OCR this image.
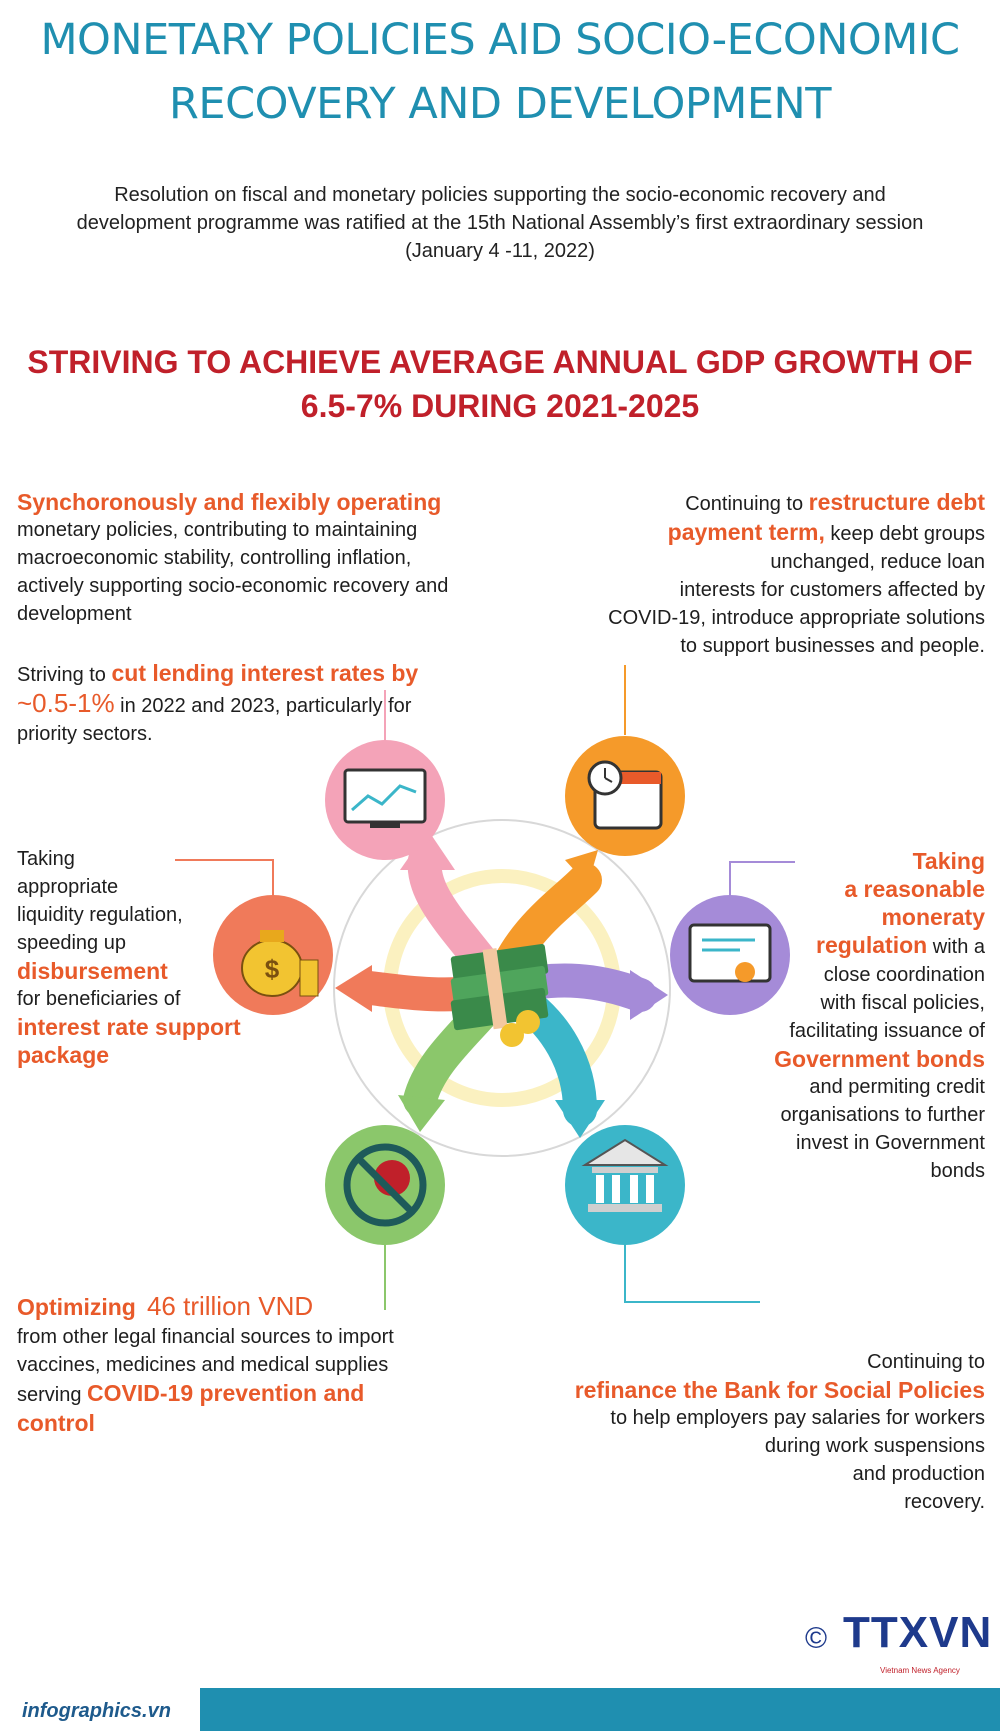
MONETARY POLICIES AID SOCIO-ECONOMIC
RECOVERY AND DEVELOPMENT
Resolution on fiscal and monetary policies supporting the socio-economic recovery and
development programme was ratified at the 15th National Assembly’s first extraordinary session
(January 4 -11, 2022)
STRIVING TO ACHIEVE AVERAGE ANNUAL GDP GROWTH OF
6.5-7% DURING 2021-2025
Synchoronously and flexibly operating
monetary policies, contributing to maintaining
macroeconomic stability, controlling inflation,
actively supporting socio-economic recovery and
development
Striving to cut lending interest rates by
~0.5-1% in 2022 and 2023, particularly for
priority sectors.
Taking
appropriate
liquidity regulation,
speeding up
disbursement
for beneficiaries of
interest rate support
package
Optimizing 46 trillion VND
from other legal financial sources to import
vaccines, medicines and medical supplies
serving COVID-19 prevention and
control
Continuing to restructure debt
payment term, keep debt groups
unchanged, reduce loan
interests for customers affected by
COVID-19, introduce appropriate solutions
to support businesses and people.
Taking
a reasonable
moneraty
regulation with a
close coordination
with fiscal policies,
facilitating issuance of
Government bonds
and permiting credit
organisations to further
invest in Government
bonds
Continuing to
refinance the Bank for Social Policies
to help employers pay salaries for workers
during work suspensions
and production
recovery.
$
infographics.vn
© TTXVN
Vietnam News Agency
